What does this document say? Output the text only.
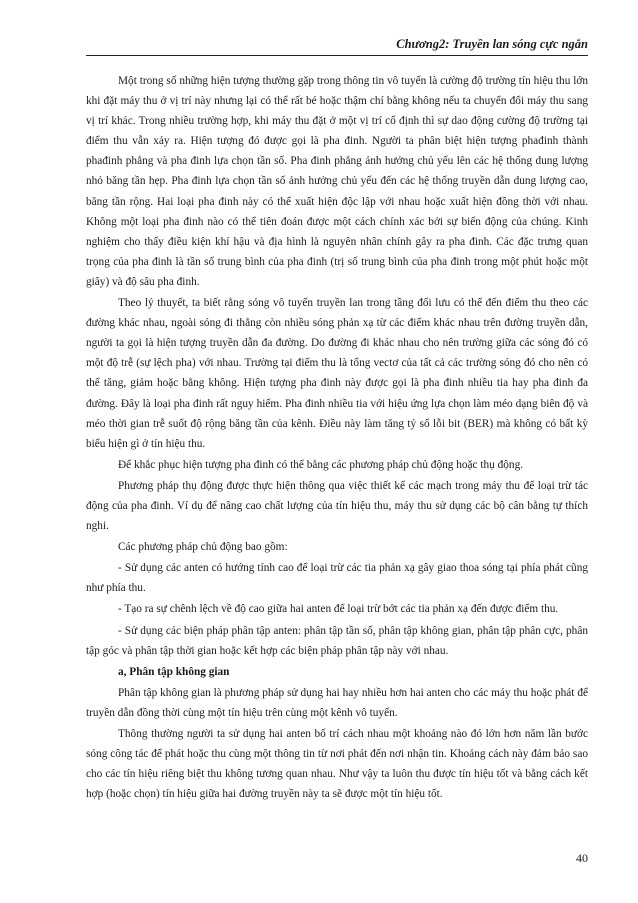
Chương2: Truyền lan sóng cực ngắn

Một trong số những hiện tượng thường gặp trong thông tin vô tuyến là cường độ trường tín hiệu thu lớn khi đặt máy thu ở vị trí này nhưng lại có thể rất bé hoặc thậm chí bằng không nếu ta chuyển đổi máy thu sang vị trí khác. Trong nhiều trường hợp, khi máy thu đặt ở một vị trí cố định thì sự dao động cường độ trường tại điểm thu vẫn xảy ra. Hiện tượng đó được gọi là pha đinh. Người ta phân biệt hiện tượng phađinh thành phađinh phẳng và pha đinh lựa chọn tần số. Pha đinh phẳng ảnh hưởng chủ yếu lên các hệ thống dung lượng nhỏ băng tần hẹp. Pha đinh lựa chọn tần số ảnh hưởng chủ yếu đến các hệ thống truyền dẫn dung lượng cao, băng tần rộng. Hai loại pha đinh này có thể xuất hiện độc lập với nhau hoặc xuất hiện đồng thời với nhau. Không một loại pha đinh nào có thể tiên đoán được một cách chính xác bởi sự biến động của chúng. Kinh nghiệm cho thấy điều kiện khí hậu và địa hình là nguyên nhân chính gây ra pha đinh. Các đặc trưng quan trọng của pha đinh là tần số trung bình của pha đinh (trị số trung bình của pha đinh trong một phút hoặc một giây) và độ sâu pha đinh.

Theo lý thuyết, ta biết rằng sóng vô tuyến truyền lan trong tầng đối lưu có thể đến điểm thu theo các đường khác nhau, ngoài sóng đi thẳng còn nhiều sóng phản xạ từ các điểm khác nhau trên đường truyền dẫn, người ta gọi là hiện tượng truyền dẫn đa đường. Do đường đi khác nhau cho nên trường giữa các sóng đó có một độ trễ (sự lệch pha) với nhau. Trường tại điểm thu là tổng vectơ của tất cả các trường sóng đó cho nên có thể tăng, giảm hoặc bằng không. Hiện tượng pha đinh này được gọi là pha đinh nhiều tia hay pha đinh đa đường. Đây là loại pha đinh rất nguy hiểm. Pha đinh nhiều tia với hiệu ứng lựa chọn làm méo dạng biên độ và méo thời gian trễ suốt độ rộng băng tần của kênh. Điều này làm tăng tỷ số lỗi bit (BER) mà không có bất kỳ biểu hiện gì ở tín hiệu thu.

Để khắc phục hiện tượng pha đinh có thể bằng các phương pháp chủ động hoặc thụ động.

Phương pháp thụ động được thực hiện thông qua việc thiết kế các mạch trong máy thu để loại trừ tác động của pha đinh. Ví dụ để nâng cao chất lượng của tín hiệu thu, máy thu sử dụng các bộ cân bằng tự thích nghi.

Các phương pháp chủ động bao gồm:

- Sử dụng các anten có hướng tính cao để loại trừ các tia phản xạ gây giao thoa sóng tại phía phát cũng như phía thu.

- Tạo ra sự chênh lệch về độ cao giữa hai anten để loại trừ bớt các tia phản xạ đến được điểm thu.

- Sử dụng các biện pháp phân tập anten: phân tập tần số, phân tập không gian, phân tập phân cực, phân tập góc và phân tập thời gian hoặc kết hợp các biện pháp phân tập này với nhau.

a, Phân tập không gian

Phân tập không gian là phương pháp sử dụng hai hay nhiều hơn hai anten cho các máy thu hoặc phát để truyền dẫn đồng thời cùng một tín hiệu trên cùng một kênh vô tuyến.

Thông thường người ta sử dụng hai anten bố trí cách nhau một khoảng nào đó lớn hơn năm lần bước sóng công tác để phát hoặc thu cùng một thông tin từ nơi phát đến nơi nhận tin. Khoảng cách này đảm bảo sao cho các tín hiệu riêng biệt thu không tương quan nhau. Như vậy ta luôn thu được tín hiệu tốt và bằng cách kết hợp (hoặc chọn) tín hiệu giữa hai đường truyền này ta sẽ được một tín hiệu tốt.

40
